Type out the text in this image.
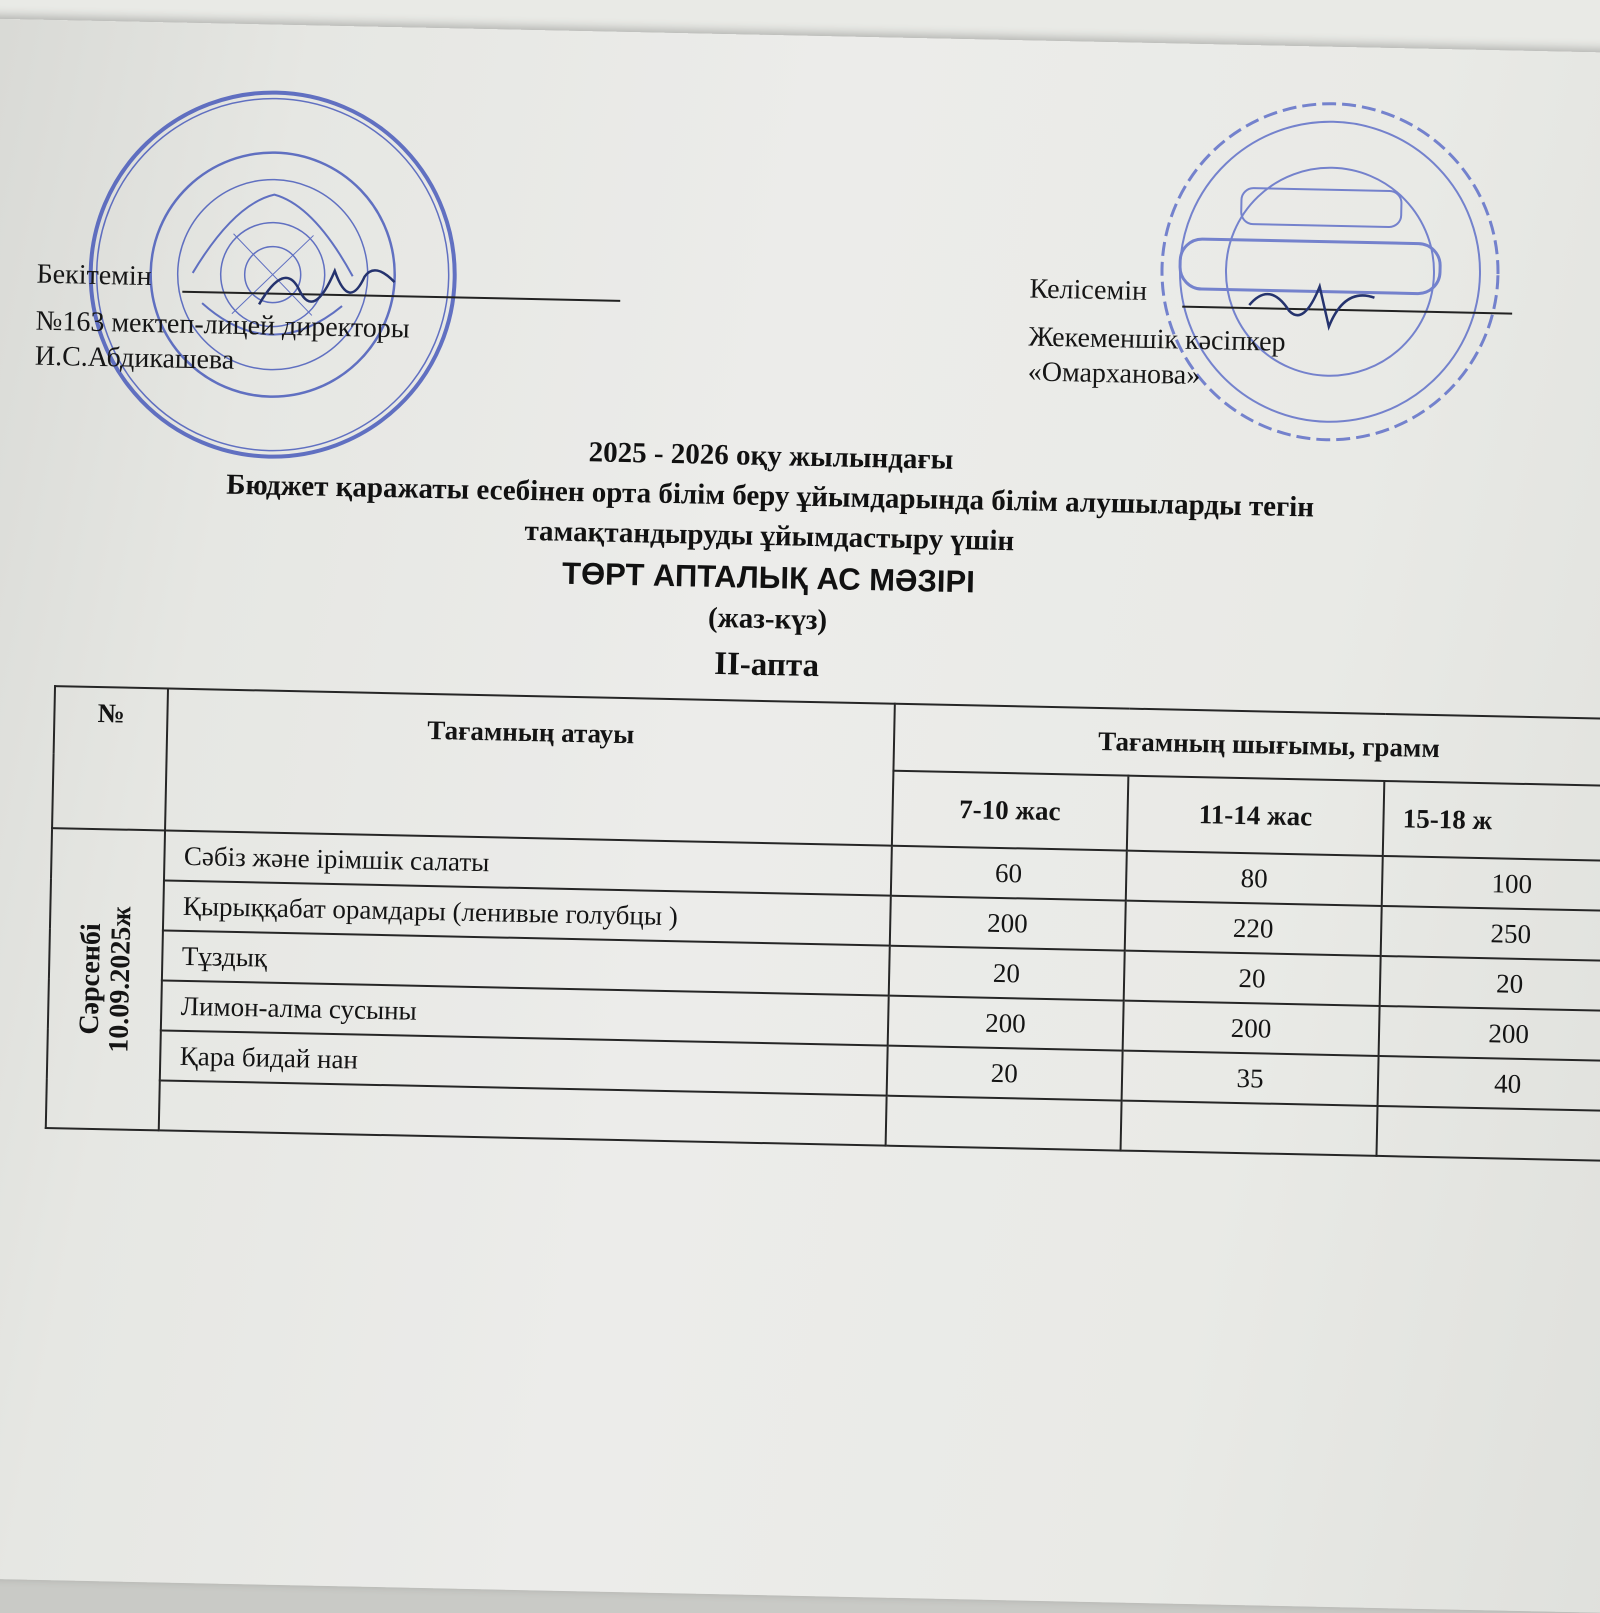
Бекітемін
№163 мектеп-лицей директоры
И.С.Абдикашева
Келісемін
Жекеменшік кәсіпкер
«Омарханова»
2025 - 2026 оқу жылындағы
Бюджет қаражаты есебінен орта білім беру ұйымдарында білім алушыларды тегін
тамақтандыруды ұйымдастыру үшін
ТӨРТ АПТАЛЫҚ АС МӘЗІРІ
(жаз-күз)
ІІ-апта
№	Тағамның атауы	Тағамның шығымы, грамм		
		7-10 жас	11-14 жас	15-18 ж

Сәрсенбі
10.09.2025ж	Сәбіз және ірімшік салаты	60	80	100
	Қырыққабат орамдары (ленивые голубцы )	200	220	250
	Тұздық	20	20	20
	Лимон-алма сусыны	200	200	200
	Қара бидай нан	20	35	40
